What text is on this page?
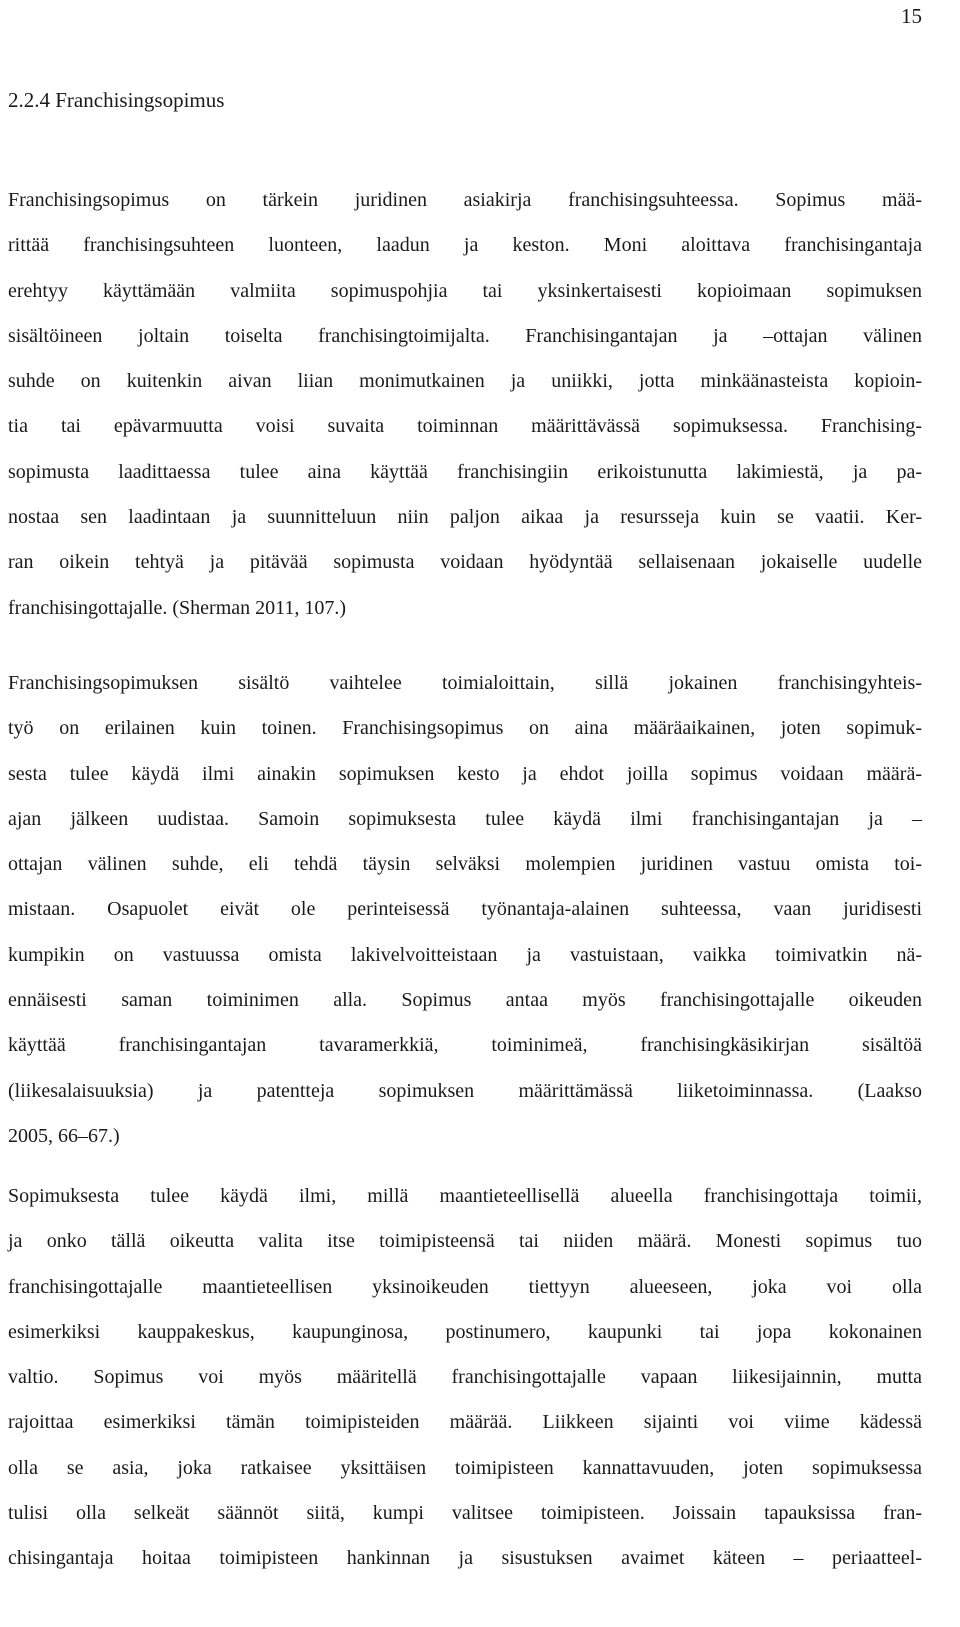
15
2.2.4 Franchisingsopimus

Franchisingsopimus on tärkein juridinen asiakirja franchisingsuhteessa. Sopimus mää-
rittää franchisingsuhteen luonteen, laadun ja keston. Moni aloittava franchisingantaja
erehtyy käyttämään valmiita sopimuspohjia tai yksinkertaisesti kopioimaan sopimuksen
sisältöineen joltain toiselta franchisingtoimijalta. Franchisingantajan ja –ottajan välinen
suhde on kuitenkin aivan liian monimutkainen ja uniikki, jotta minkäänasteista kopioin-
tia tai epävarmuutta voisi suvaita toiminnan määrittävässä sopimuksessa. Franchising-
sopimusta laadittaessa tulee aina käyttää franchisingiin erikoistunutta lakimiestä, ja pa-
nostaa sen laadintaan ja suunnitteluun niin paljon aikaa ja resursseja kuin se vaatii. Ker-
ran oikein tehtyä ja pitävää sopimusta voidaan hyödyntää sellaisenaan jokaiselle uudelle
franchisingottajalle. (Sherman 2011, 107.)

Franchisingsopimuksen sisältö vaihtelee toimialoittain, sillä jokainen franchisingyhteis-
työ on erilainen kuin toinen. Franchisingsopimus on aina määräaikainen, joten sopimuk-
sesta tulee käydä ilmi ainakin sopimuksen kesto ja ehdot joilla sopimus voidaan määrä-
ajan jälkeen uudistaa. Samoin sopimuksesta tulee käydä ilmi franchisingantajan ja –
ottajan välinen suhde, eli tehdä täysin selväksi molempien juridinen vastuu omista toi-
mistaan. Osapuolet eivät ole perinteisessä työnantaja-alainen suhteessa, vaan juridisesti
kumpikin on vastuussa omista lakivelvoitteistaan ja vastuistaan, vaikka toimivatkin nä-
ennäisesti saman toiminimen alla. Sopimus antaa myös franchisingottajalle oikeuden
käyttää franchisingantajan tavaramerkkiä, toiminimeä, franchisingkäsikirjan sisältöä
(liikesalaisuuksia) ja patentteja sopimuksen määrittämässä liiketoiminnassa. (Laakso
2005, 66–67.)

Sopimuksesta tulee käydä ilmi, millä maantieteellisellä alueella franchisingottaja toimii,
ja onko tällä oikeutta valita itse toimipisteensä tai niiden määrä. Monesti sopimus tuo
franchisingottajalle maantieteellisen yksinoikeuden tiettyyn alueeseen, joka voi olla
esimerkiksi kauppakeskus, kaupunginosa, postinumero, kaupunki tai jopa kokonainen
valtio. Sopimus voi myös määritellä franchisingottajalle vapaan liikesijainnin, mutta
rajoittaa esimerkiksi tämän toimipisteiden määrää. Liikkeen sijainti voi viime kädessä
olla se asia, joka ratkaisee yksittäisen toimipisteen kannattavuuden, joten sopimuksessa
tulisi olla selkeät säännöt siitä, kumpi valitsee toimipisteen. Joissain tapauksissa fran-
chisingantaja hoitaa toimipisteen hankinnan ja sisustuksen avaimet käteen – periaatteel-
